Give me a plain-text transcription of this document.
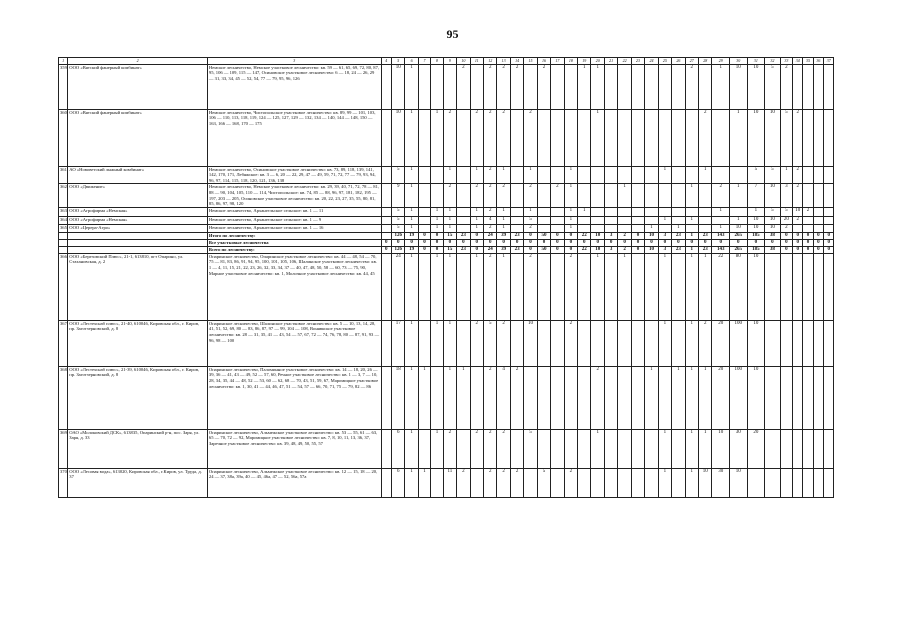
95
1	2	3	4	5	6	7	8	9	10	11	12	13	14	15	16	17	18	19	20	21	22	23	24	25	26	27	28	29	30	31	32	33	34	35	36	37
359	ООО «Вятский фанерный комбинат»	Немское лесничество, Немское участковое лесничество: кв. 59 — 61, 65, 69, 72, 80, 87, 95, 106 — 109, 115 — 147, Осиновское участковое лесничество: 6 — 18, 24 — 26, 29 — 31, 33, 34, 45 — 52, 54, 77 — 79, 95, 96, 126		10	1				2		2	2	2		2			1	1							2		1	10	10	5	2				
360	ООО «Вятский фанерный комбинат»	Немское лесничество, Чистопольское участковое лесничество: кв. 89, 99 — 101, 103, 106 — 110, 113, 118, 119, 124 — 125, 127, 129 — 132, 134 — 140, 144 — 148, 150 — 163, 166 — 168, 170 — 175		10	1		1	2		2	2	2		2					1								2		1	10	10	5	2			
361	АО «Нововетский лыжный комбинат»	Немское лесничество, Осиновское участковое лесничество: кв. 73, 89, 118, 139, 141, 142, 170, 171, Лебяжское: кв. 3 — 6, 20 — 22, 29, 47 — 49, 59, 71, 72, 77 — 79, 93, 94, 96, 97, 114, 115, 118, 120, 121, 136, 138		5	1			1		1	2	1		1			1							1			1			5	5	1	2			
362	ООО «Движение»	Немское лесничество, Немское участковое лесничество: кв. 29, 39, 40, 71, 72, 78 — 81, 88 — 90, 104, 105, 110 — 114, Чистопольское: кв. 74, 85 — 88, 96, 97, 181, 182, 195 — 197, 203 — 205, Осиновское участковое лесничество: кв. 20, 22, 23, 27, 35, 55, 80, 81, 85, 86, 97, 98, 120		9	1			2		2	2	2		2		2	1				1					1		2	1	7	10	3	2			
363	ООО «Агрофирма «Немская»	Немское лесничество, Архангельское сельское: кв. 1 — 11		5	1		1	1		1	2	1		1			1	1										1		1	5	5	10	2		
364	ООО «Агрофирма «Немская»	Немское лесничество, Архангельское сельское: кв. 1 — 9		5	1		1	1		1	4	1		5			1							1		1			1	10	10	20	2			
365	ООО «Церера-Агро»	Немское лесничество, Архангельское сельское: кв. 1 — 16		5	1		1	1		1	2	1		2			1						1		1			1	10	10	10	2				
		Итого по лесничеству:		126	19	0	0	15	23	0	24	39	23	0	50	0	0	22	10	3	2	0	10	3	23	1	23	143	265	185	38	0	0	0	0	0
		Все участковые лесничества	0	0	0	0	0	0	0	0	0	0	0	0	0	0	0	0	0	0	0	0	0	0	0	0	0	0	0	0	0	0	0	0	0	0
		Всего по лесничеству:	0	126	19	0	0	15	23	0	24	39	23	0	50	0	0	22	10	3	2	0	10	3	23	1	23	143	265	185	38	0	0	0	0	0
366	ООО «Березовский Плюс», 21-1, 613810, пгт Опарино, ул. Стахановская, д. 2	Опаринское лесничество, Опаринское участковое лесничество: кв. 44 — 48, 54 — 70, 75 — 81, 83, 86, 91, 94, 95, 100, 101, 105, 106, Шалинское участковое лесничество: кв. 1 — 4, 11, 15, 21, 22, 23, 26, 32, 33, 34, 37 — 40, 47, 48, 50, 58 — 60, 73 — 75, 90, Марное участковое лесничество: кв. 1, Молочное участковое лесничество: кв. 44, 45		24	1		1	1		1	2	1		2			2		1		1			1		1	1	22	80	10						
367	ООО «Лестехснаб плюс», 21-40, 610046, Кировская обл., г. Киров, пр. Заготзерновский, д. 8	Опаринское лесничество, Шалинское участковое лесничество: кв. 5 — 10, 13, 14, 28, 41, 51, 52, 69, 80 — 83, 86, 87, 97 — 99, 104 — 108, Вонявкское участковое лесничество: кв. 28 — 31, 35, 41 — 43, 54 — 57, 67, 72 — 74, 76, 78, 80 — 87, 91, 93 — 96, 98 — 100		17	1		1	1		2	5	2		10			2							1		1	2	20	100	10						
368	ООО «Лестехснаб плюс», 21-39, 610046, Кировская обл., г. Киров, пр. Заготзерновский, д. 8	Опаринское лесничество, Паломинное участковое лесничество: кв. 14 — 18, 20, 26 — 39, 36 — 41, 43 — 49, 52 — 57, 60, Речное участковое лесничество: кв. 1 — 3, 7 — 10, 28, 34, 35, 44 — 48, 52 — 53, 60 — 62, 68 — 70, 43, 51, 59, 67, Маромицкое участковое лесничество: кв. 1, 30, 41 — 44, 46, 47, 51 — 54, 57 — 66, 70, 71, 75 — 79, 82 — 86		18	1	1		1	1		2	4	2						2				1		1	1	1	20	100	10						
369	ОАО «Молоковский ДСК», 613835, Опаринский р-н, пос. Заря, ул. Заря, д. 33	Опаринское лесничество, Альмежское участковое лесничество: кв. 53 — 55, 61 — 63, 65 — 70, 72 — 92, Маромицкое участковое лесничество: кв. 7, 8, 10, 11, 13, 36, 37, Заречное участковое лесничество: кв. 39, 48, 49, 50, 55, 57		6	1		1	2		2	2	2		5					1					1		1	1	10	30	20						
370	ООО «Лесовая вода», 613020, Кировская обл., г.Киров, ул. Труда, д. 37	Опаринское лесничество, Альмежское участковое лесничество: кв. 12 — 15, 18 — 20, 24 — 37, 38а, 39а, 40 — 45, 46а, 47 — 52, 56а, 57а		6	1	1		11	2		2	2	2		5		2							1		1	10	30	10							
